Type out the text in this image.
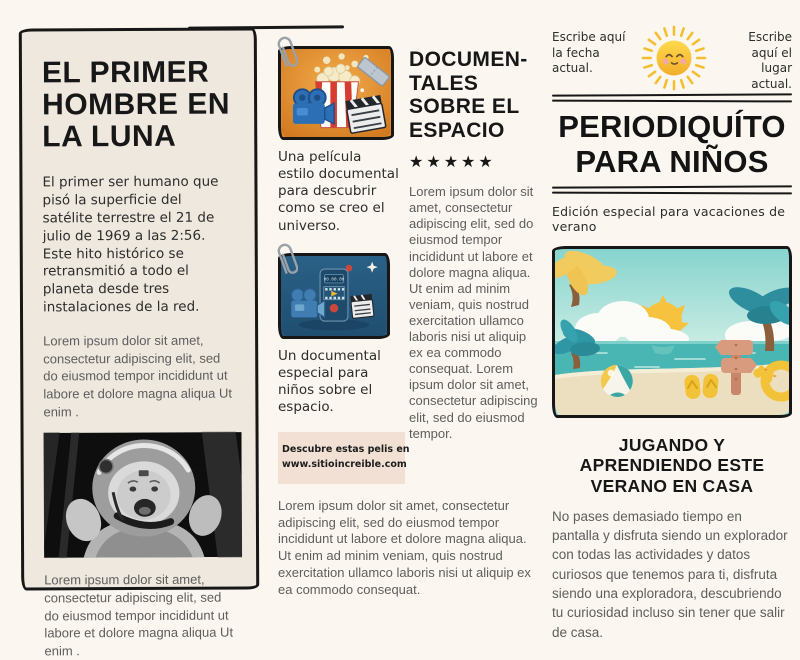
EL PRIMER HOMBRE EN LA LUNA

El primer ser humano que pisó la superficie del satélite terrestre el 21 de julio de 1969 a las 2:56. Este hito histórico se retransmitió a todo el planeta desde tres instalaciones de la red.

Lorem ipsum dolor sit amet, consectetur adipiscing elit, sed do eiusmod tempor incididunt ut labore et dolore magna aliqua Ut enim .

Lorem ipsum dolor sit amet, consectetur adipiscing elit, sed do eiusmod tempor incididunt ut labore et dolore magna aliqua Ut enim .

Una película estilo documental para descubrir como se creo el universo.
00.00.00
Un documental especial para niños sobre el espacio.
Descubre estas pelis en
www.sitioincreible.com
DOCUMEN-TALES SOBRE EL ESPACIO
★★★★★

Lorem ipsum dolor sit amet, consectetur adipiscing elit, sed do eiusmod tempor incididunt ut labore et dolore magna aliqua. Ut enim ad minim veniam, quis nostrud exercitation ullamco laboris nisi ut aliquip ex ea commodo consequat. Lorem ipsum dolor sit amet, consectetur adipiscing elit, sed do eiusmod tempor.

Lorem ipsum dolor sit amet, consectetur adipiscing elit, sed do eiusmod tempor incididunt ut labore et dolore magna aliqua. Ut enim ad minim veniam, quis nostrud exercitation ullamco laboris nisi ut aliquip ex ea commodo consequat.

Escribe aquí la fecha actual.
Escribe aquí el lugar actual.
PERIODIQUÍTO PARA NIÑOS
Edición especial para vacaciones de verano
JUGANDO Y APRENDIENDO ESTE VERANO EN CASA

No pases demasiado tiempo en pantalla y disfruta siendo un explorador con todas las actividades y datos curiosos que tenemos para ti, disfruta siendo una exploradora, descubriendo tu curiosidad incluso sin tener que salir de casa.
